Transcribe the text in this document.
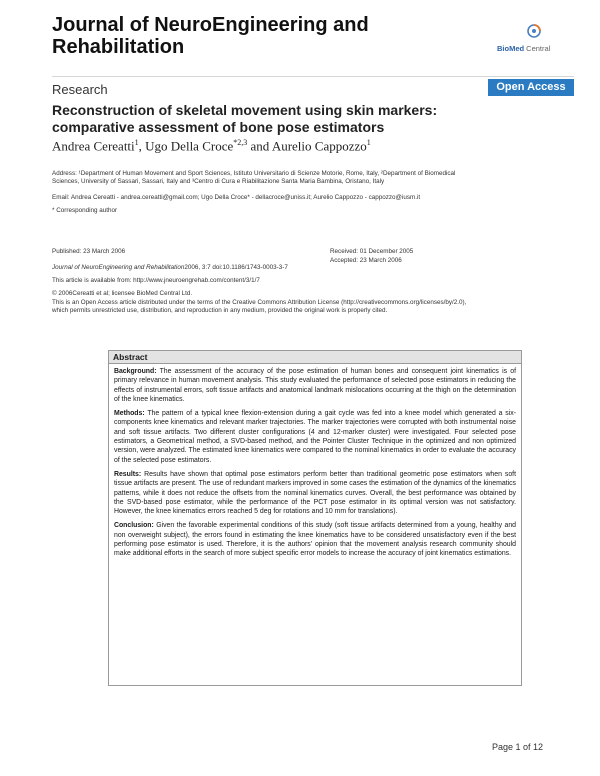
Journal of NeuroEngineering and
Rehabilitation	BioMed Central
Research	Open Access
Reconstruction of skeletal movement using skin markers:
comparative assessment of bone pose estimators
Andrea Cereatti$^1$, Ugo Della Croce$^{*2,3}$ and Aurelio Cappozzo$^1$
Address: ¹Department of Human Movement and Sport Sciences, Istituto Universitario di Scienze Motorie, Rome, Italy, ²Department of Biomedical
Sciences, University of Sassari, Sassari, Italy and ³Centro di Cura e Riabilitazione Santa Maria Bambina, Oristano, Italy
Email: Andrea Cereatti - andrea.cereatti@gmail.com; Ugo Della Croce* - dellacroce@uniss.it; Aurelio Cappozzo - cappozzo@iusm.it
* Corresponding author
Published: 23 March 2006	Received: 01 December 2005
Accepted: 23 March 2006
Journal of NeuroEngineering and Rehabilitation2006, 3:7 doi:10.1186/1743-0003-3-7
This article is available from: http://www.jneuroengrehab.com/content/3/1/7
© 2006Cereatti et al; licensee BioMed Central Ltd.
This is an Open Access article distributed under the terms of the Creative Commons Attribution License (http://creativecommons.org/licenses/by/2.0),
which permits unrestricted use, distribution, and reproduction in any medium, provided the original work is properly cited.
Abstract

Background: The assessment of the accuracy of the pose estimation of human bones and consequent joint kinematics is of primary relevance in human movement analysis. This study evaluated the performance of selected pose estimators in reducing the effects of instrumental errors, soft tissue artifacts and anatomical landmark mislocations occurring at the thigh on the determination of the knee kinematics.

Methods: The pattern of a typical knee flexion-extension during a gait cycle was fed into a knee model which generated a six-components knee kinematics and relevant marker trajectories. The marker trajectories were corrupted with both instrumental noise and soft tissue artifacts. Two different cluster configurations (4 and 12-marker cluster) were investigated. Four selected pose estimators, a Geometrical method, a SVD-based method, and the Pointer Cluster Technique in the optimized and non optimized version, were analyzed. The estimated knee kinematics were compared to the nominal kinematics in order to evaluate the accuracy of the selected pose estimators.

Results: Results have shown that optimal pose estimators perform better than traditional geometric pose estimators when soft tissue artifacts are present. The use of redundant markers improved in some cases the estimation of the dynamics of the kinematics patterns, while it does not reduce the offsets from the nominal kinematics curves. Overall, the best performance was obtained by the SVD-based pose estimator, while the performance of the PCT pose estimator in its optimal version was not satisfactory. However, the knee kinematics errors reached 5 deg for rotations and 10 mm for translations).

Conclusion: Given the favorable experimental conditions of this study (soft tissue artifacts determined from a young, healthy and non overweight subject), the errors found in estimating the knee kinematics have to be considered unsatisfactory even if the best performing pose estimator is used. Therefore, it is the authors' opinion that the movement analysis research community should make additional efforts in the search of more subject specific error models to increase the accuracy of joint kinematics estimations.

Page 1 of 12
